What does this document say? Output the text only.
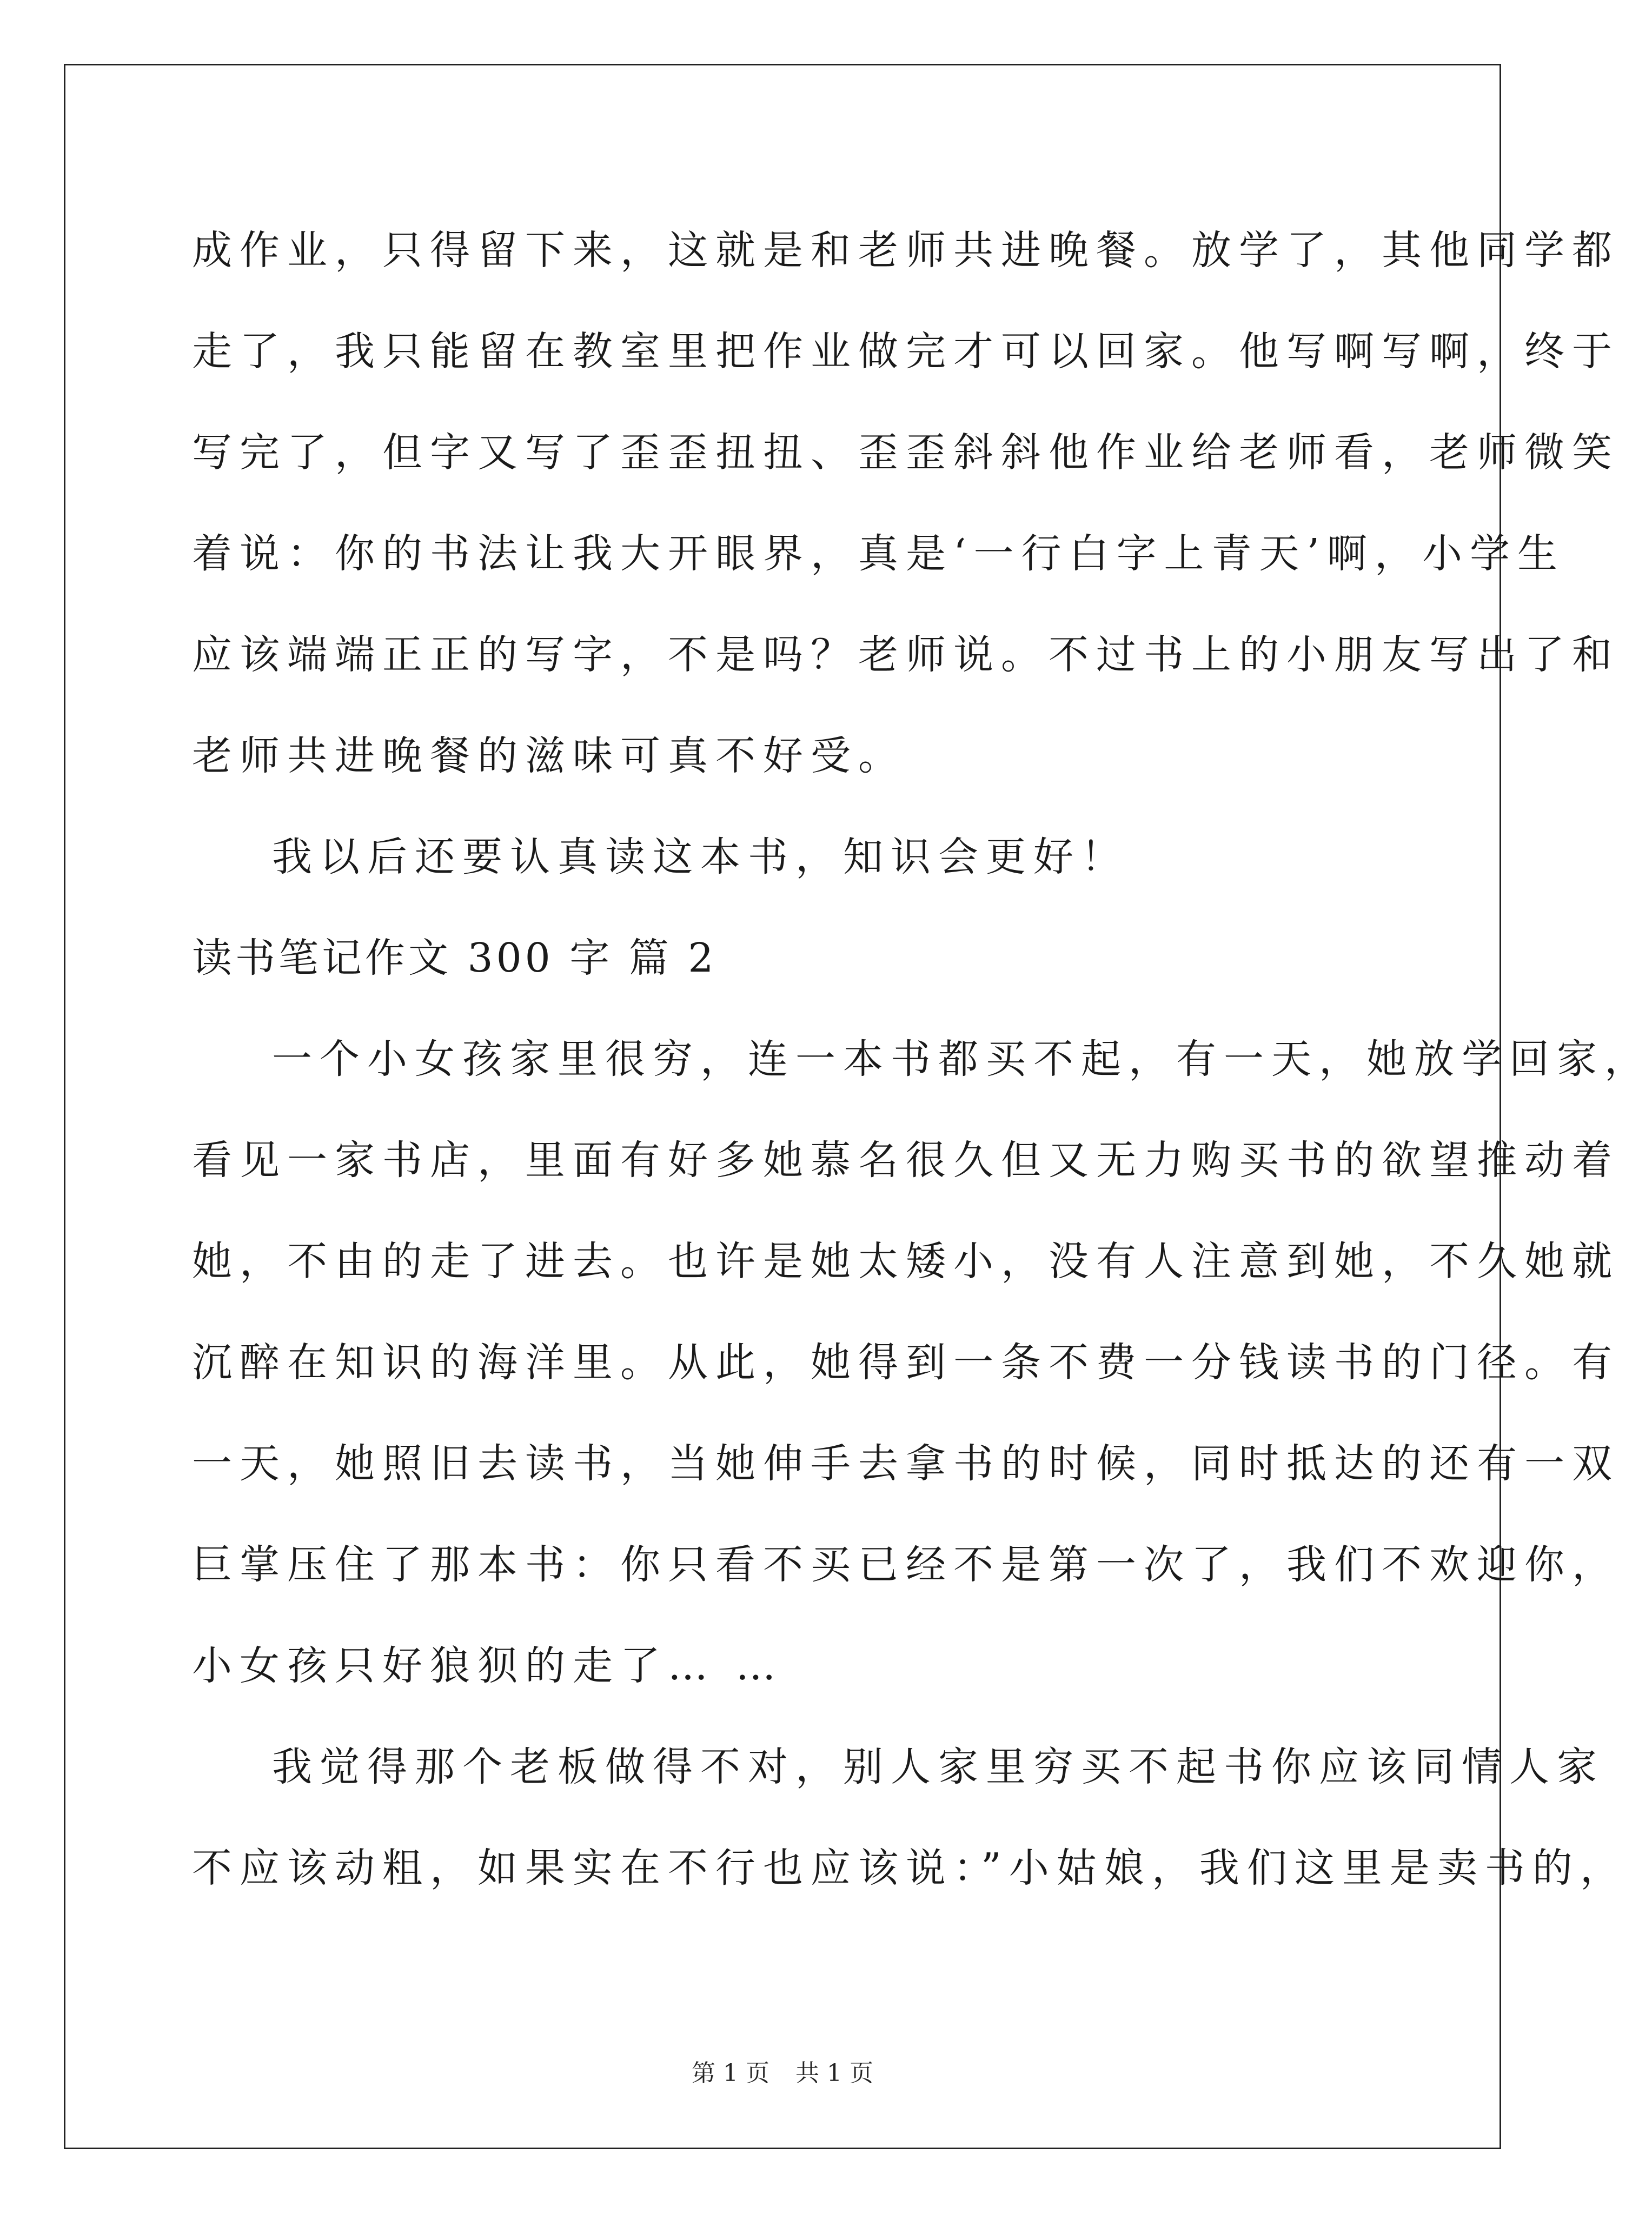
成作业，只得留下来，这就是和老师共进晚餐。放学了，其他同学都
走了，我只能留在教室里把作业做完才可以回家。他写啊写啊，终于
写完了，但字又写了歪歪扭扭、歪歪斜斜他作业给老师看，老师微笑
着说：你的书法让我大开眼界，真是‘一行白字上青天’啊，小学生
应该端端正正的写字，不是吗？老师说。不过书上的小朋友写出了和
老师共进晚餐的滋味可真不好受。
我以后还要认真读这本书，知识会更好！
读书笔记作文 300 字 篇 2
一个小女孩家里很穷，连一本书都买不起，有一天，她放学回家，
看见一家书店，里面有好多她慕名很久但又无力购买书的欲望推动着
她，不由的走了进去。也许是她太矮小，没有人注意到她，不久她就
沉醉在知识的海洋里。从此，她得到一条不费一分钱读书的门径。有
一天，她照旧去读书，当她伸手去拿书的时候，同时抵达的还有一双
巨掌压住了那本书：你只看不买已经不是第一次了，我们不欢迎你，
小女孩只好狼狈的走了… …
我觉得那个老板做得不对，别人家里穷买不起书你应该同情人家
不应该动粗，如果实在不行也应该说：”小姑娘，我们这里是卖书的，
第 1 页 共 1 页
